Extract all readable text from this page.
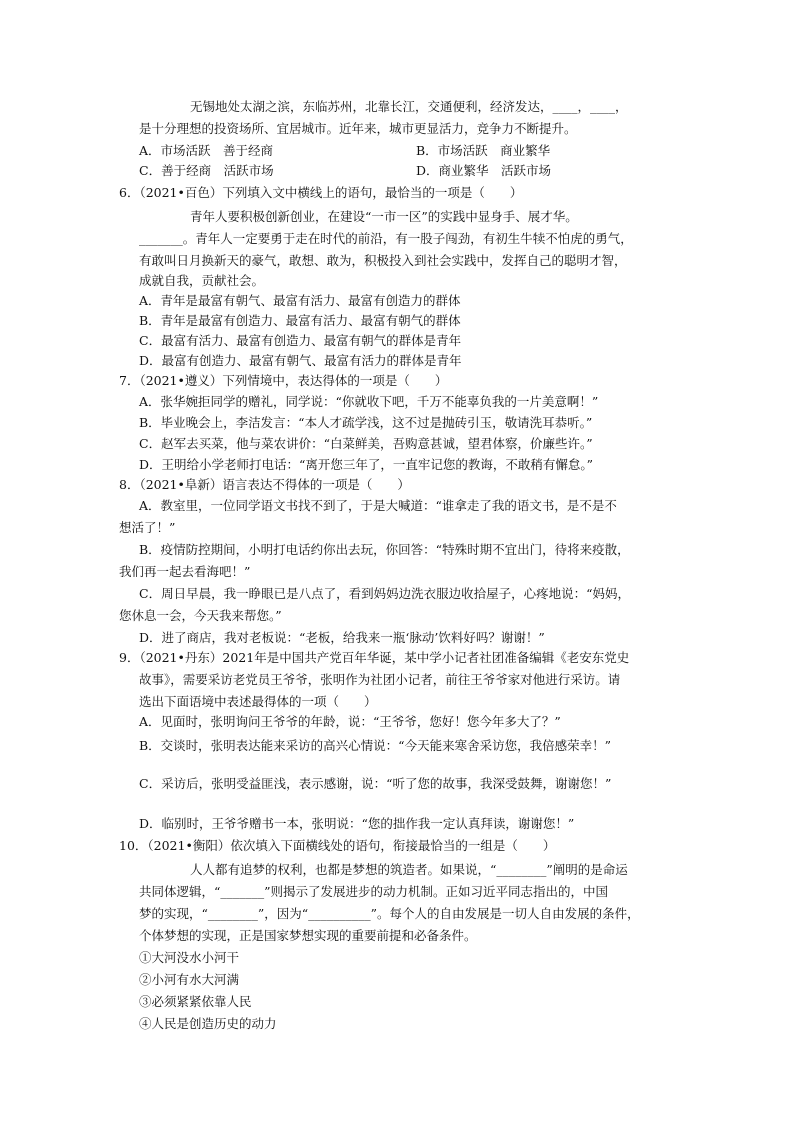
无锡地处太湖之滨，东临苏州，北靠长江，交通便利，经济发达，____，____，
是十分理想的投资场所、宜居城市。近年来，城市更显活力，竞争力不断提升。
A．市场活跃　善于经商	B．市场活跃　商业繁华
C．善于经商　活跃市场	D．商业繁华　活跃市场
6．（2021•百色）下列填入文中横线上的语句，最恰当的一项是（　　）
青年人要积极创新创业，在建设“一市一区”的实践中显身手、展才华。
_______。青年人一定要勇于走在时代的前沿，有一股子闯劲，有初生牛犊不怕虎的勇气，
有敢叫日月换新天的豪气，敢想、敢为，积极投入到社会实践中，发挥自己的聪明才智，
成就自我，贡献社会。
A．青年是最富有朝气、最富有活力、最富有创造力的群体
B．青年是最富有创造力、最富有活力、最富有朝气的群体
C．最富有活力、最富有创造力、最富有朝气的群体是青年
D．最富有创造力、最富有朝气、最富有活力的群体是青年
7．（2021•遵义）下列情境中，表达得体的一项是（　　）
A．张华婉拒同学的赠礼，同学说：“你就收下吧，千万不能辜负我的一片美意啊！”
B．毕业晚会上，李洁发言：“本人才疏学浅，这不过是抛砖引玉，敬请洗耳恭听。”
C．赵军去买菜，他与菜农讲价：“白菜鲜美，吾购意甚诚，望君体察，价廉些许。”
D．王明给小学老师打电话：“离开您三年了，一直牢记您的教诲，不敢稍有懈怠。”
8．（2021•阜新）语言表达不得体的一项是（　　）
A．教室里，一位同学语文书找不到了，于是大喊道：“谁拿走了我的语文书，是不是不
想活了！”
B．疫情防控期间，小明打电话约你出去玩，你回答：“特殊时期不宜出门，待将来疫散，
我们再一起去看海吧！”
C．周日早晨，我一睁眼已是八点了，看到妈妈边洗衣服边收拾屋子，心疼地说：“妈妈，
您休息一会，今天我来帮您。”
D．进了商店，我对老板说：“老板，给我来一瓶‘脉动’饮料好吗？谢谢！”
9．（2021•丹东）2021年是中国共产党百年华诞，某中学小记者社团准备编辑《老安东党史
故事》，需要采访老党员王爷爷，张明作为社团小记者，前往王爷爷家对他进行采访。请
选出下面语境中表述最得体的一项（　　）
A．见面时，张明询问王爷爷的年龄，说：“王爷爷，您好！您今年多大了？”
B．交谈时，张明表达能来采访的高兴心情说：“今天能来寒舍采访您，我倍感荣幸！”
C．采访后，张明受益匪浅，表示感谢，说：“听了您的故事，我深受鼓舞，谢谢您！”
D．临别时，王爷爷赠书一本，张明说：“您的拙作我一定认真拜读，谢谢您！”
10．（2021•衡阳）依次填入下面横线处的语句，衔接最恰当的一组是（　　）
人人都有追梦的权利，也都是梦想的筑造者。如果说，“________”阐明的是命运
共同体逻辑，“_______”则揭示了发展进步的动力机制。正如习近平同志指出的，中国
梦的实现，“________”，因为“__________”。每个人的自由发展是一切人自由发展的条件，
个体梦想的实现，正是国家梦想实现的重要前提和必备条件。
①大河没水小河干
②小河有水大河满
③必须紧紧依靠人民
④人民是创造历史的动力
